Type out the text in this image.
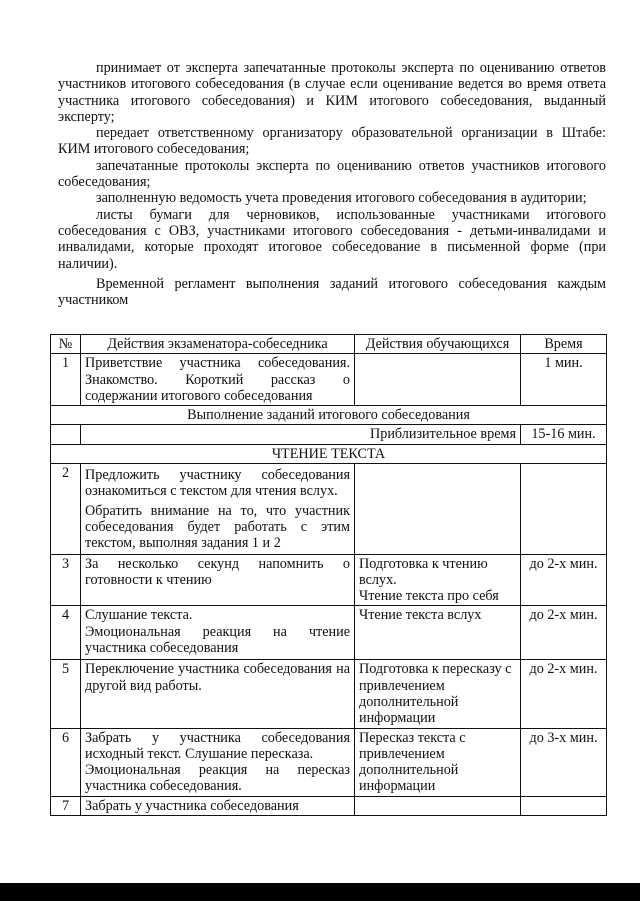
принимает от эксперта запечатанные протоколы эксперта по оцениванию ответов участников итогового собеседования (в случае если оценивание ведется во время ответа участника итогового собеседования) и КИМ итогового собеседования, выданный эксперту;

передает ответственному организатору образовательной организации в Штабе: КИМ итогового собеседования;

запечатанные протоколы эксперта по оцениванию ответов участников итогового собеседования;

заполненную ведомость учета проведения итогового собеседования в аудитории;

листы бумаги для черновиков, использованные участниками итогового собеседования с ОВЗ, участниками итогового собеседования - детьми-инвалидами и инвалидами, которые проходят итоговое собеседование в письменной форме (при наличии).

Временной регламент выполнения заданий итогового собеседования каждым участником

№	Действия экзаменатора-собеседника	Действия обучающихся	Время
1	Приветствие участника собеседования. Знакомство. Короткий рассказ о содержании итогового собеседования		1 мин.
Выполнение заданий итогового собеседования			
	Приблизительное время		15-16 мин.
ЧТЕНИЕ ТЕКСТА			
2	Предложить участнику собеседования ознакомиться с текстом для чтения вслух.
Обратить внимание на то, что участник собеседования будет работать с этим текстом, выполняя задания 1 и 2		

3	За несколько секунд напомнить о готовности к чтению	Подготовка к чтению вслух.
Чтение текста про себя	до 2-х мин.
4	Слушание текста.
Эмоциональная реакция на чтение участника собеседования	Чтение текста вслух	до 2-х мин.
5	Переключение участника собеседования на другой вид работы.	Подготовка к пересказу с привлечением дополнительной информации	до 2-х мин.
6	Забрать у участника собеседования исходный текст. Слушание пересказа.
Эмоциональная реакция на пересказ участника собеседования.	Пересказ текста с привлечением дополнительной информации	до 3-х мин.
7	Забрать у участника собеседования		
